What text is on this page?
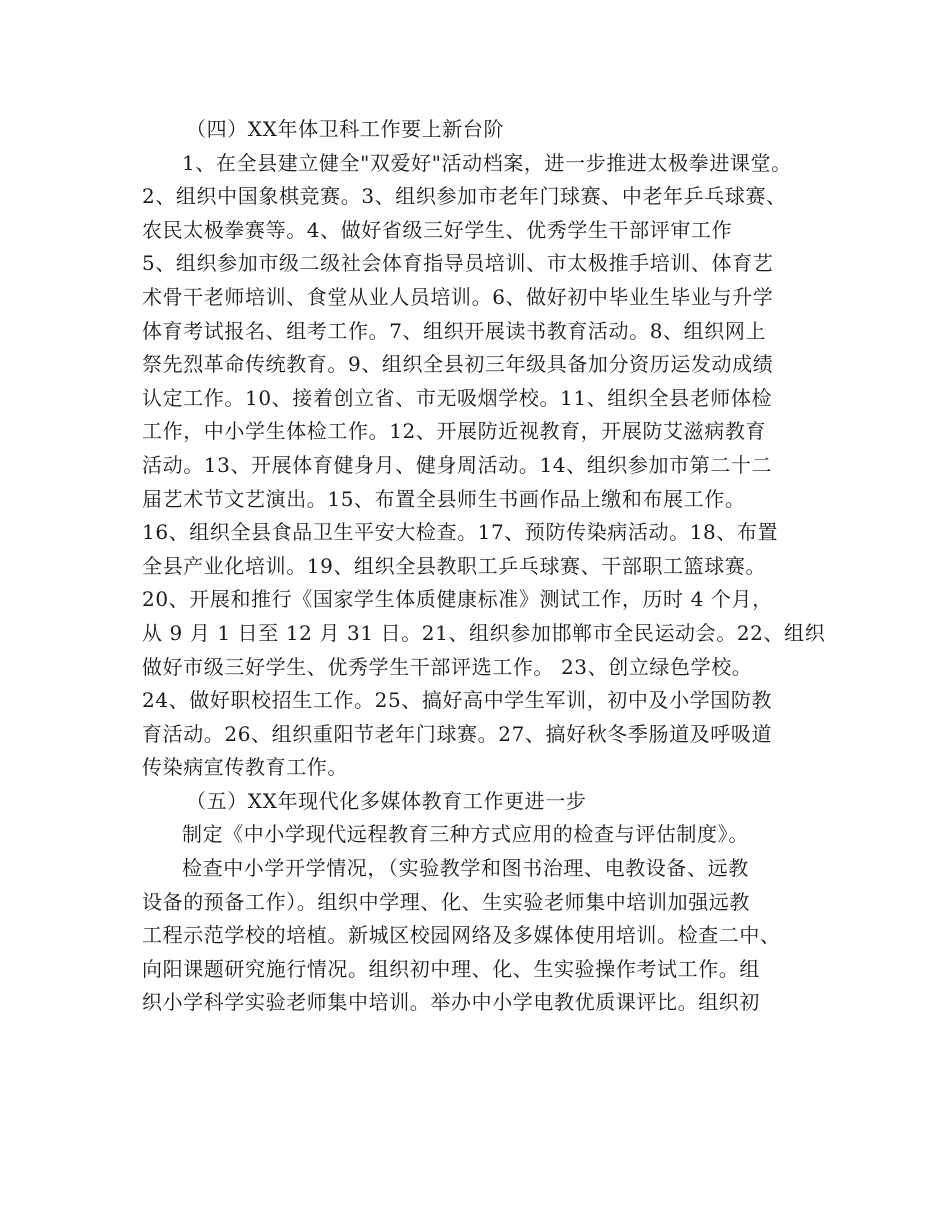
（四）XX年体卫科工作要上新台阶
1、在全县建立健全"双爱好"活动档案，进一步推进太极拳进课堂。
2、组织中国象棋竞赛。3、组织参加市老年门球赛、中老年乒乓球赛、
农民太极拳赛等。4、做好省级三好学生、优秀学生干部评审工作
5、组织参加市级二级社会体育指导员培训、市太极推手培训、体育艺
术骨干老师培训、食堂从业人员培训。6、做好初中毕业生毕业与升学
体育考试报名、组考工作。7、组织开展读书教育活动。8、组织网上
祭先烈革命传统教育。9、组织全县初三年级具备加分资历运发动成绩
认定工作。10、接着创立省、市无吸烟学校。11、组织全县老师体检
工作，中小学生体检工作。12、开展防近视教育，开展防艾滋病教育
活动。13、开展体育健身月、健身周活动。14、组织参加市第二十二
届艺术节文艺演出。15、布置全县师生书画作品上缴和布展工作。
16、组织全县食品卫生平安大检查。17、预防传染病活动。18、布置
全县产业化培训。19、组织全县教职工乒乓球赛、干部职工篮球赛。
20、开展和推行《国家学生体质健康标准》测试工作，历时 4 个月，
从 9 月 1 日至 12 月 31 日。21、组织参加邯郸市全民运动会。22、组织
做好市级三好学生、优秀学生干部评选工作。 23、创立绿色学校。
24、做好职校招生工作。25、搞好高中学生军训，初中及小学国防教
育活动。26、组织重阳节老年门球赛。27、搞好秋冬季肠道及呼吸道
传染病宣传教育工作。
（五）XX年现代化多媒体教育工作更进一步
制定《中小学现代远程教育三种方式应用的检查与评估制度》。
检查中小学开学情况，（实验教学和图书治理、电教设备、远教
设备的预备工作）。组织中学理、化、生实验老师集中培训加强远教
工程示范学校的培植。新城区校园网络及多媒体使用培训。检查二中、
向阳课题研究施行情况。组织初中理、化、生实验操作考试工作。组
织小学科学实验老师集中培训。举办中小学电教优质课评比。组织初
